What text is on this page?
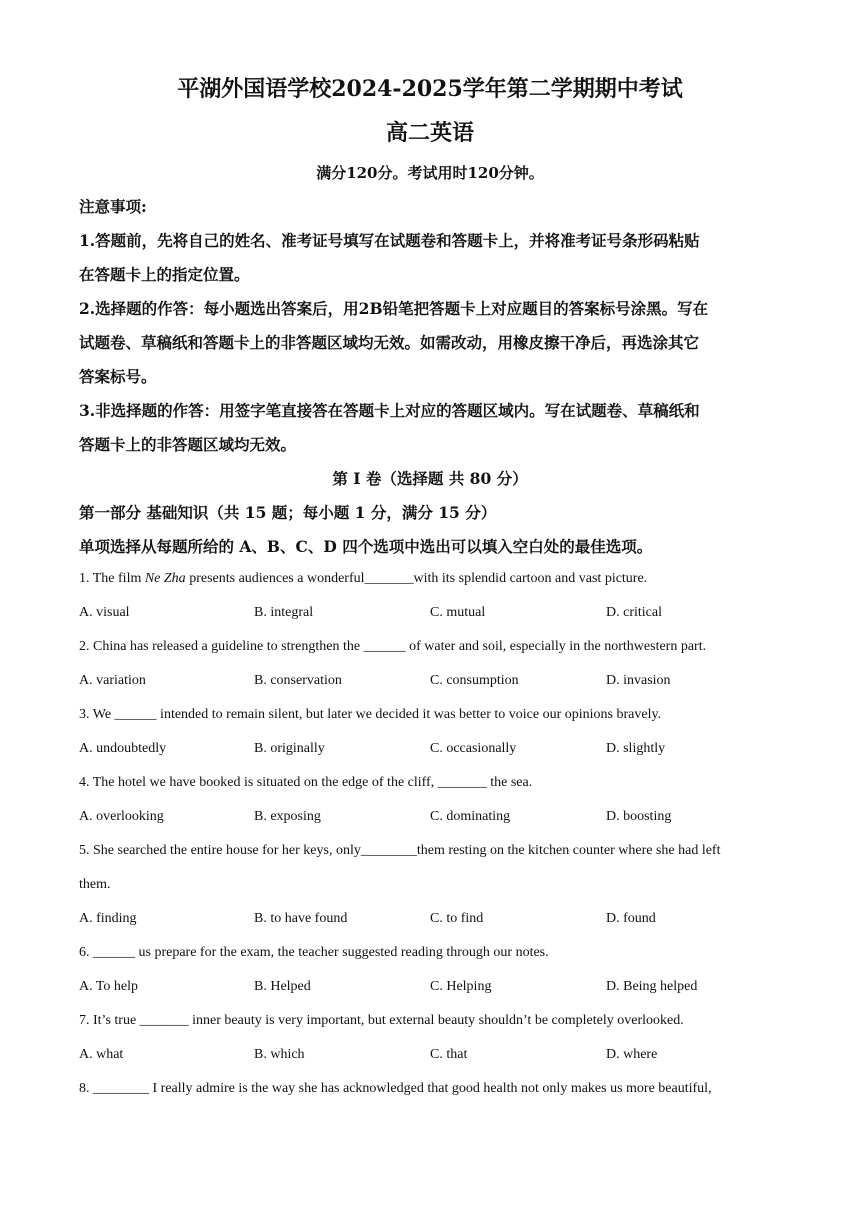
平湖外国语学校2024-2025学年第二学期期中考试
高二英语
满分120分。考试用时120分钟。
注意事项:
1.答题前，先将自己的姓名、准考证号填写在试题卷和答题卡上，并将准考证号条形码粘贴
在答题卡上的指定位置。
2.选择题的作答：每小题选出答案后，用2B铅笔把答题卡上对应题目的答案标号涂黑。写在
试题卷、草稿纸和答题卡上的非答题区域均无效。如需改动，用橡皮擦干净后，再选涂其它
答案标号。
3.非选择题的作答：用签字笔直接答在答题卡上对应的答题区域内。写在试题卷、草稿纸和
答题卡上的非答题区域均无效。
第 I 卷（选择题 共 80 分）
第一部分 基础知识（共 15 题；每小题 1 分，满分 15 分）
单项选择从每题所给的 A、B、C、D 四个选项中选出可以填入空白处的最佳选项。
1. The film Ne Zha presents audiences a wonderful_______with its splendid cartoon and vast picture.
A. visual	B. integral	C. mutual	D. critical
2. China has released a guideline to strengthen the ______ of water and soil, especially in the northwestern part.
A. variation	B. conservation	C. consumption	D. invasion
3. We ______ intended to remain silent, but later we decided it was better to voice our opinions bravely.
A. undoubtedly	B. originally	C. occasionally	D. slightly
4. The hotel we have booked is situated on the edge of the cliff, _______ the sea.
A. overlooking	B. exposing	C. dominating	D. boosting
5. She searched the entire house for her keys, only________them resting on the kitchen counter where she had left
them.
A. finding	B. to have found	C. to find	D. found
6. ______ us prepare for the exam, the teacher suggested reading through our notes.
A. To help	B. Helped	C. Helping	D. Being helped
7. It’s true _______ inner beauty is very important, but external beauty shouldn’t be completely overlooked.
A. what	B. which	C. that	D. where
8. ________ I really admire is the way she has acknowledged that good health not only makes us more beautiful,
